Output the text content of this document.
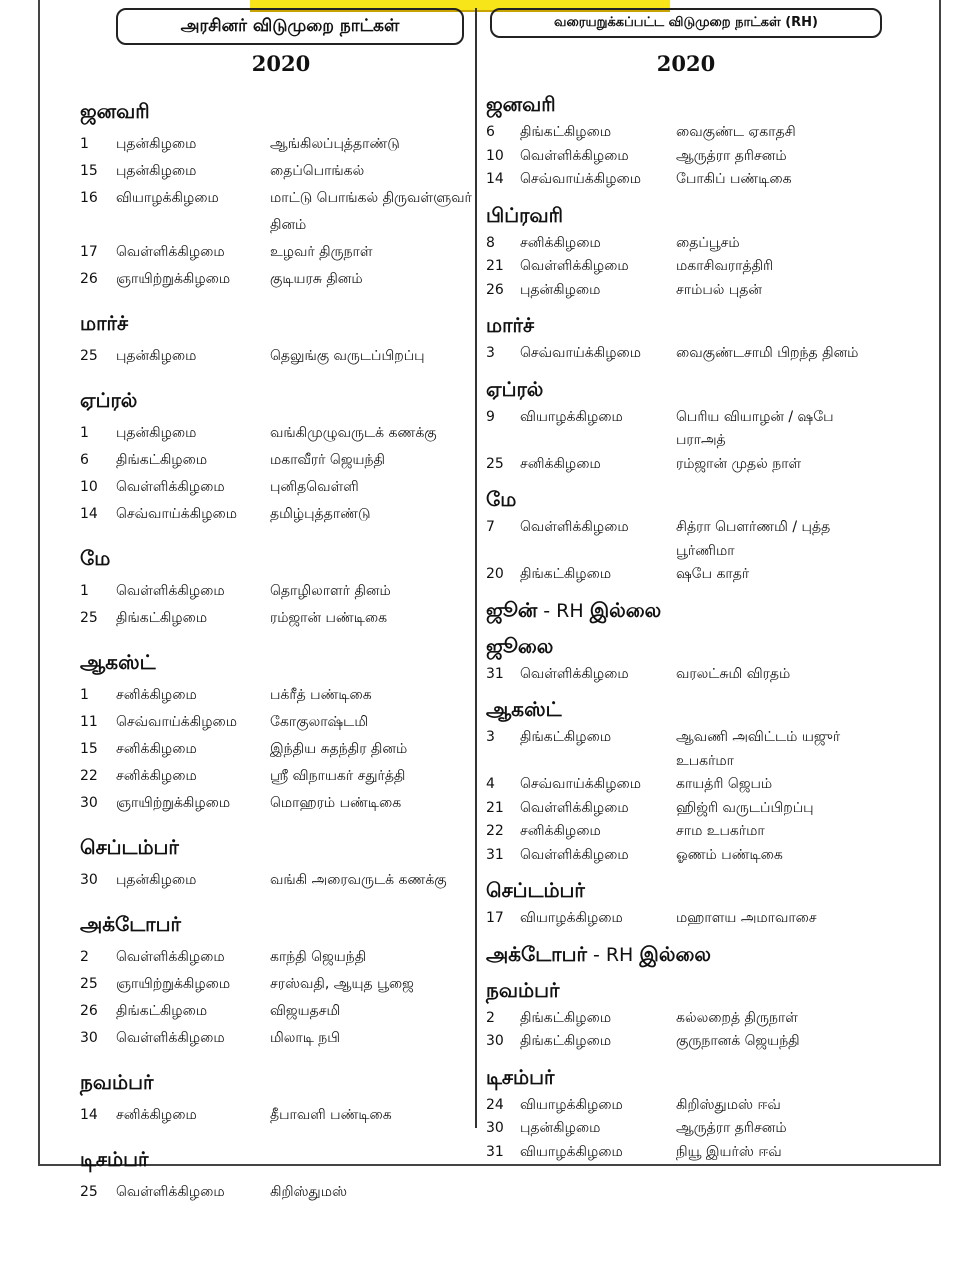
அரசினர் விடுமுறை நாட்கள்
2020
ஜனவரி
1	புதன்கிழமை	ஆங்கிலப்புத்தாண்டு
15	புதன்கிழமை	தைப்பொங்கல்
16	வியாழக்கிழமை	மாட்டு பொங்கல் திருவள்ளுவர் தினம்
17	வெள்ளிக்கிழமை	உழவர் திருநாள்
26	ஞாயிற்றுக்கிழமை	குடியரசு தினம்
மார்ச்
25	புதன்கிழமை	தெலுங்கு வருடப்பிறப்பு
ஏப்ரல்
1	புதன்கிழமை	வங்கிமுழுவருடக் கணக்கு
6	திங்கட்கிழமை	மகாவீரர் ஜெயந்தி
10	வெள்ளிக்கிழமை	புனிதவெள்ளி
14	செவ்வாய்க்கிழமை	தமிழ்புத்தாண்டு
மே
1	வெள்ளிக்கிழமை	தொழிலாளர் தினம்
25	திங்கட்கிழமை	ரம்ஜான் பண்டிகை
ஆகஸ்ட்
1	சனிக்கிழமை	பக்ரீத் பண்டிகை
11	செவ்வாய்க்கிழமை	கோகுலாஷ்டமி
15	சனிக்கிழமை	இந்திய சுதந்திர தினம்
22	சனிக்கிழமை	ஸ்ரீ விநாயகர் சதுர்த்தி
30	ஞாயிற்றுக்கிழமை	மொஹரம் பண்டிகை
செப்டம்பர்
30	புதன்கிழமை	வங்கி அரைவருடக் கணக்கு
அக்டோபர்
2	வெள்ளிக்கிழமை	காந்தி ஜெயந்தி
25	ஞாயிற்றுக்கிழமை	சரஸ்வதி, ஆயுத பூஜை
26	திங்கட்கிழமை	விஜயதசமி
30	வெள்ளிக்கிழமை	மிலாடி நபி
நவம்பர்
14	சனிக்கிழமை	தீபாவளி பண்டிகை
டிசம்பர்
25	வெள்ளிக்கிழமை	கிறிஸ்துமஸ்
வரையறுக்கப்பட்ட விடுமுறை நாட்கள் (RH)
2020
ஜனவரி
6	திங்கட்கிழமை	வைகுண்ட ஏகாதசி
10	வெள்ளிக்கிழமை	ஆருத்ரா தரிசனம்
14	செவ்வாய்க்கிழமை	போகிப் பண்டிகை
பிப்ரவரி
8	சனிக்கிழமை	தைப்பூசம்
21	வெள்ளிக்கிழமை	மகாசிவராத்திரி
26	புதன்கிழமை	சாம்பல் புதன்
மார்ச்
3	செவ்வாய்க்கிழமை	வைகுண்டசாமி பிறந்த தினம்
ஏப்ரல்
9	வியாழக்கிழமை	பெரிய வியாழன் / ஷபே பராஅத்
25	சனிக்கிழமை	ரம்ஜான் முதல் நாள்
மே
7	வெள்ளிக்கிழமை	சித்ரா பௌர்ணமி / புத்த பூர்ணிமா
20	திங்கட்கிழமை	ஷபே காதர்
ஜூன் - RH இல்லை
ஜூலை
31	வெள்ளிக்கிழமை	வரலட்சுமி விரதம்
ஆகஸ்ட்
3	திங்கட்கிழமை	ஆவணி அவிட்டம் யஜுர் உபகர்மா
4	செவ்வாய்க்கிழமை	காயத்ரி ஜெபம்
21	வெள்ளிக்கிழமை	ஹிஜ்ரி வருடப்பிறப்பு
22	சனிக்கிழமை	சாம உபகர்மா
31	வெள்ளிக்கிழமை	ஓணம் பண்டிகை
செப்டம்பர்
17	வியாழக்கிழமை	மஹாளய அமாவாசை
அக்டோபர் - RH இல்லை
நவம்பர்
2	திங்கட்கிழமை	கல்லறைத் திருநாள்
30	திங்கட்கிழமை	குருநானக் ஜெயந்தி
டிசம்பர்
24	வியாழக்கிழமை	கிறிஸ்துமஸ் ஈவ்
30	புதன்கிழமை	ஆருத்ரா தரிசனம்
31	வியாழக்கிழமை	நியூ இயர்ஸ் ஈவ்
